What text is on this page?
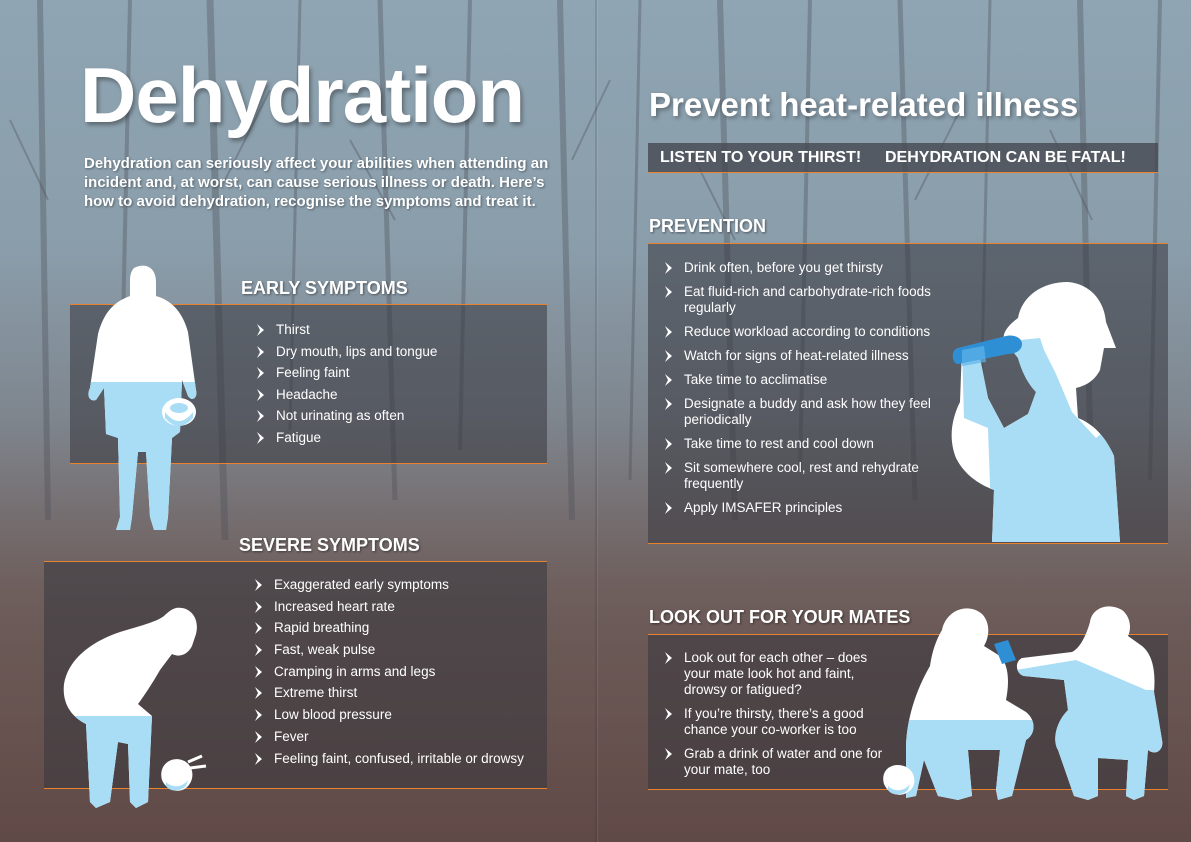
Dehydration

Dehydration can seriously affect your abilities when attending an incident and, at worst, can cause serious illness or death. Here’s how to avoid dehydration, recognise the symptoms and treat it.

EARLY SYMPTOMS
Thirst
Dry mouth, lips and tongue
Feeling faint
Headache
Not urinating as often
Fatigue
SEVERE SYMPTOMS
Exaggerated early symptoms
Increased heart rate
Rapid breathing
Fast, weak pulse
Cramping in arms and legs
Extreme thirst
Low blood pressure
Fever
Feeling faint, confused, irritable or drowsy
Prevent heat-related illness
LISTEN TO YOUR THIRST! DEHYDRATION CAN BE FATAL!
PREVENTION
Drink often, before you get thirsty
Eat fluid-rich and carbohydrate-rich foods regularly
Reduce workload according to conditions
Watch for signs of heat-related illness
Take time to acclimatise
Designate a buddy and ask how they feel periodically
Take time to rest and cool down
Sit somewhere cool, rest and rehydrate frequently
Apply IMSAFER principles
LOOK OUT FOR YOUR MATES
Look out for each other – does your mate look hot and faint, drowsy or fatigued?
If you’re thirsty, there’s a good chance your co-worker is too
Grab a drink of water and one for your mate, too
